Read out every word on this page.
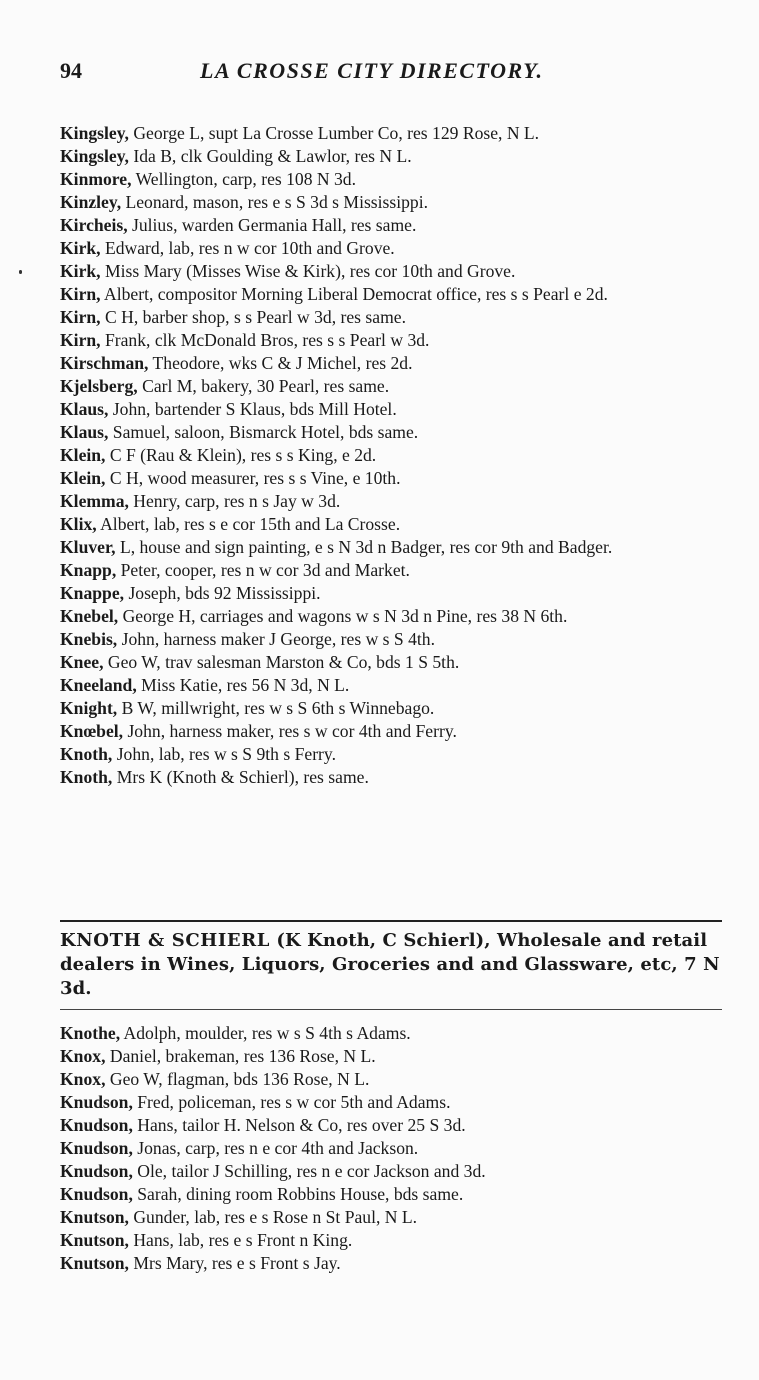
94	LA CROSSE CITY DIRECTORY.
Kingsley, George L, supt La Crosse Lumber Co, res 129 Rose, N L.
Kingsley, Ida B, clk Goulding & Lawlor, res N L.
Kinmore, Wellington, carp, res 108 N 3d.
Kinzley, Leonard, mason, res e s S 3d s Mississippi.
Kircheis, Julius, warden Germania Hall, res same.
Kirk, Edward, lab, res n w cor 10th and Grove.
Kirk, Miss Mary (Misses Wise & Kirk), res cor 10th and Grove.
Kirn, Albert, compositor Morning Liberal Democrat office, res s s Pearl e 2d.
Kirn, C H, barber shop, s s Pearl w 3d, res same.
Kirn, Frank, clk McDonald Bros, res s s Pearl w 3d.
Kirschman, Theodore, wks C & J Michel, res 2d.
Kjelsberg, Carl M, bakery, 30 Pearl, res same.
Klaus, John, bartender S Klaus, bds Mill Hotel.
Klaus, Samuel, saloon, Bismarck Hotel, bds same.
Klein, C F (Rau & Klein), res s s King, e 2d.
Klein, C H, wood measurer, res s s Vine, e 10th.
Klemma, Henry, carp, res n s Jay w 3d.
Klix, Albert, lab, res s e cor 15th and La Crosse.
Kluver, L, house and sign painting, e s N 3d n Badger, res cor 9th and Badger.
Knapp, Peter, cooper, res n w cor 3d and Market.
Knappe, Joseph, bds 92 Mississippi.
Knebel, George H, carriages and wagons w s N 3d n Pine, res 38 N 6th.
Knebis, John, harness maker J George, res w s S 4th.
Knee, Geo W, trav salesman Marston & Co, bds 1 S 5th.
Kneeland, Miss Katie, res 56 N 3d, N L.
Knight, B W, millwright, res w s S 6th s Winnebago.
Knœbel, John, harness maker, res s w cor 4th and Ferry.
Knoth, John, lab, res w s S 9th s Ferry.
Knoth, Mrs K (Knoth & Schierl), res same.
KNOTH & SCHIERL (K Knoth, C Schierl), Wholesale and retail dealers in Wines, Liquors, Groceries and and Glassware, etc, 7 N 3d.
Knothe, Adolph, moulder, res w s S 4th s Adams.
Knox, Daniel, brakeman, res 136 Rose, N L.
Knox, Geo W, flagman, bds 136 Rose, N L.
Knudson, Fred, policeman, res s w cor 5th and Adams.
Knudson, Hans, tailor H. Nelson & Co, res over 25 S 3d.
Knudson, Jonas, carp, res n e cor 4th and Jackson.
Knudson, Ole, tailor J Schilling, res n e cor Jackson and 3d.
Knudson, Sarah, dining room Robbins House, bds same.
Knutson, Gunder, lab, res e s Rose n St Paul, N L.
Knutson, Hans, lab, res e s Front n King.
Knutson, Mrs Mary, res e s Front s Jay.
